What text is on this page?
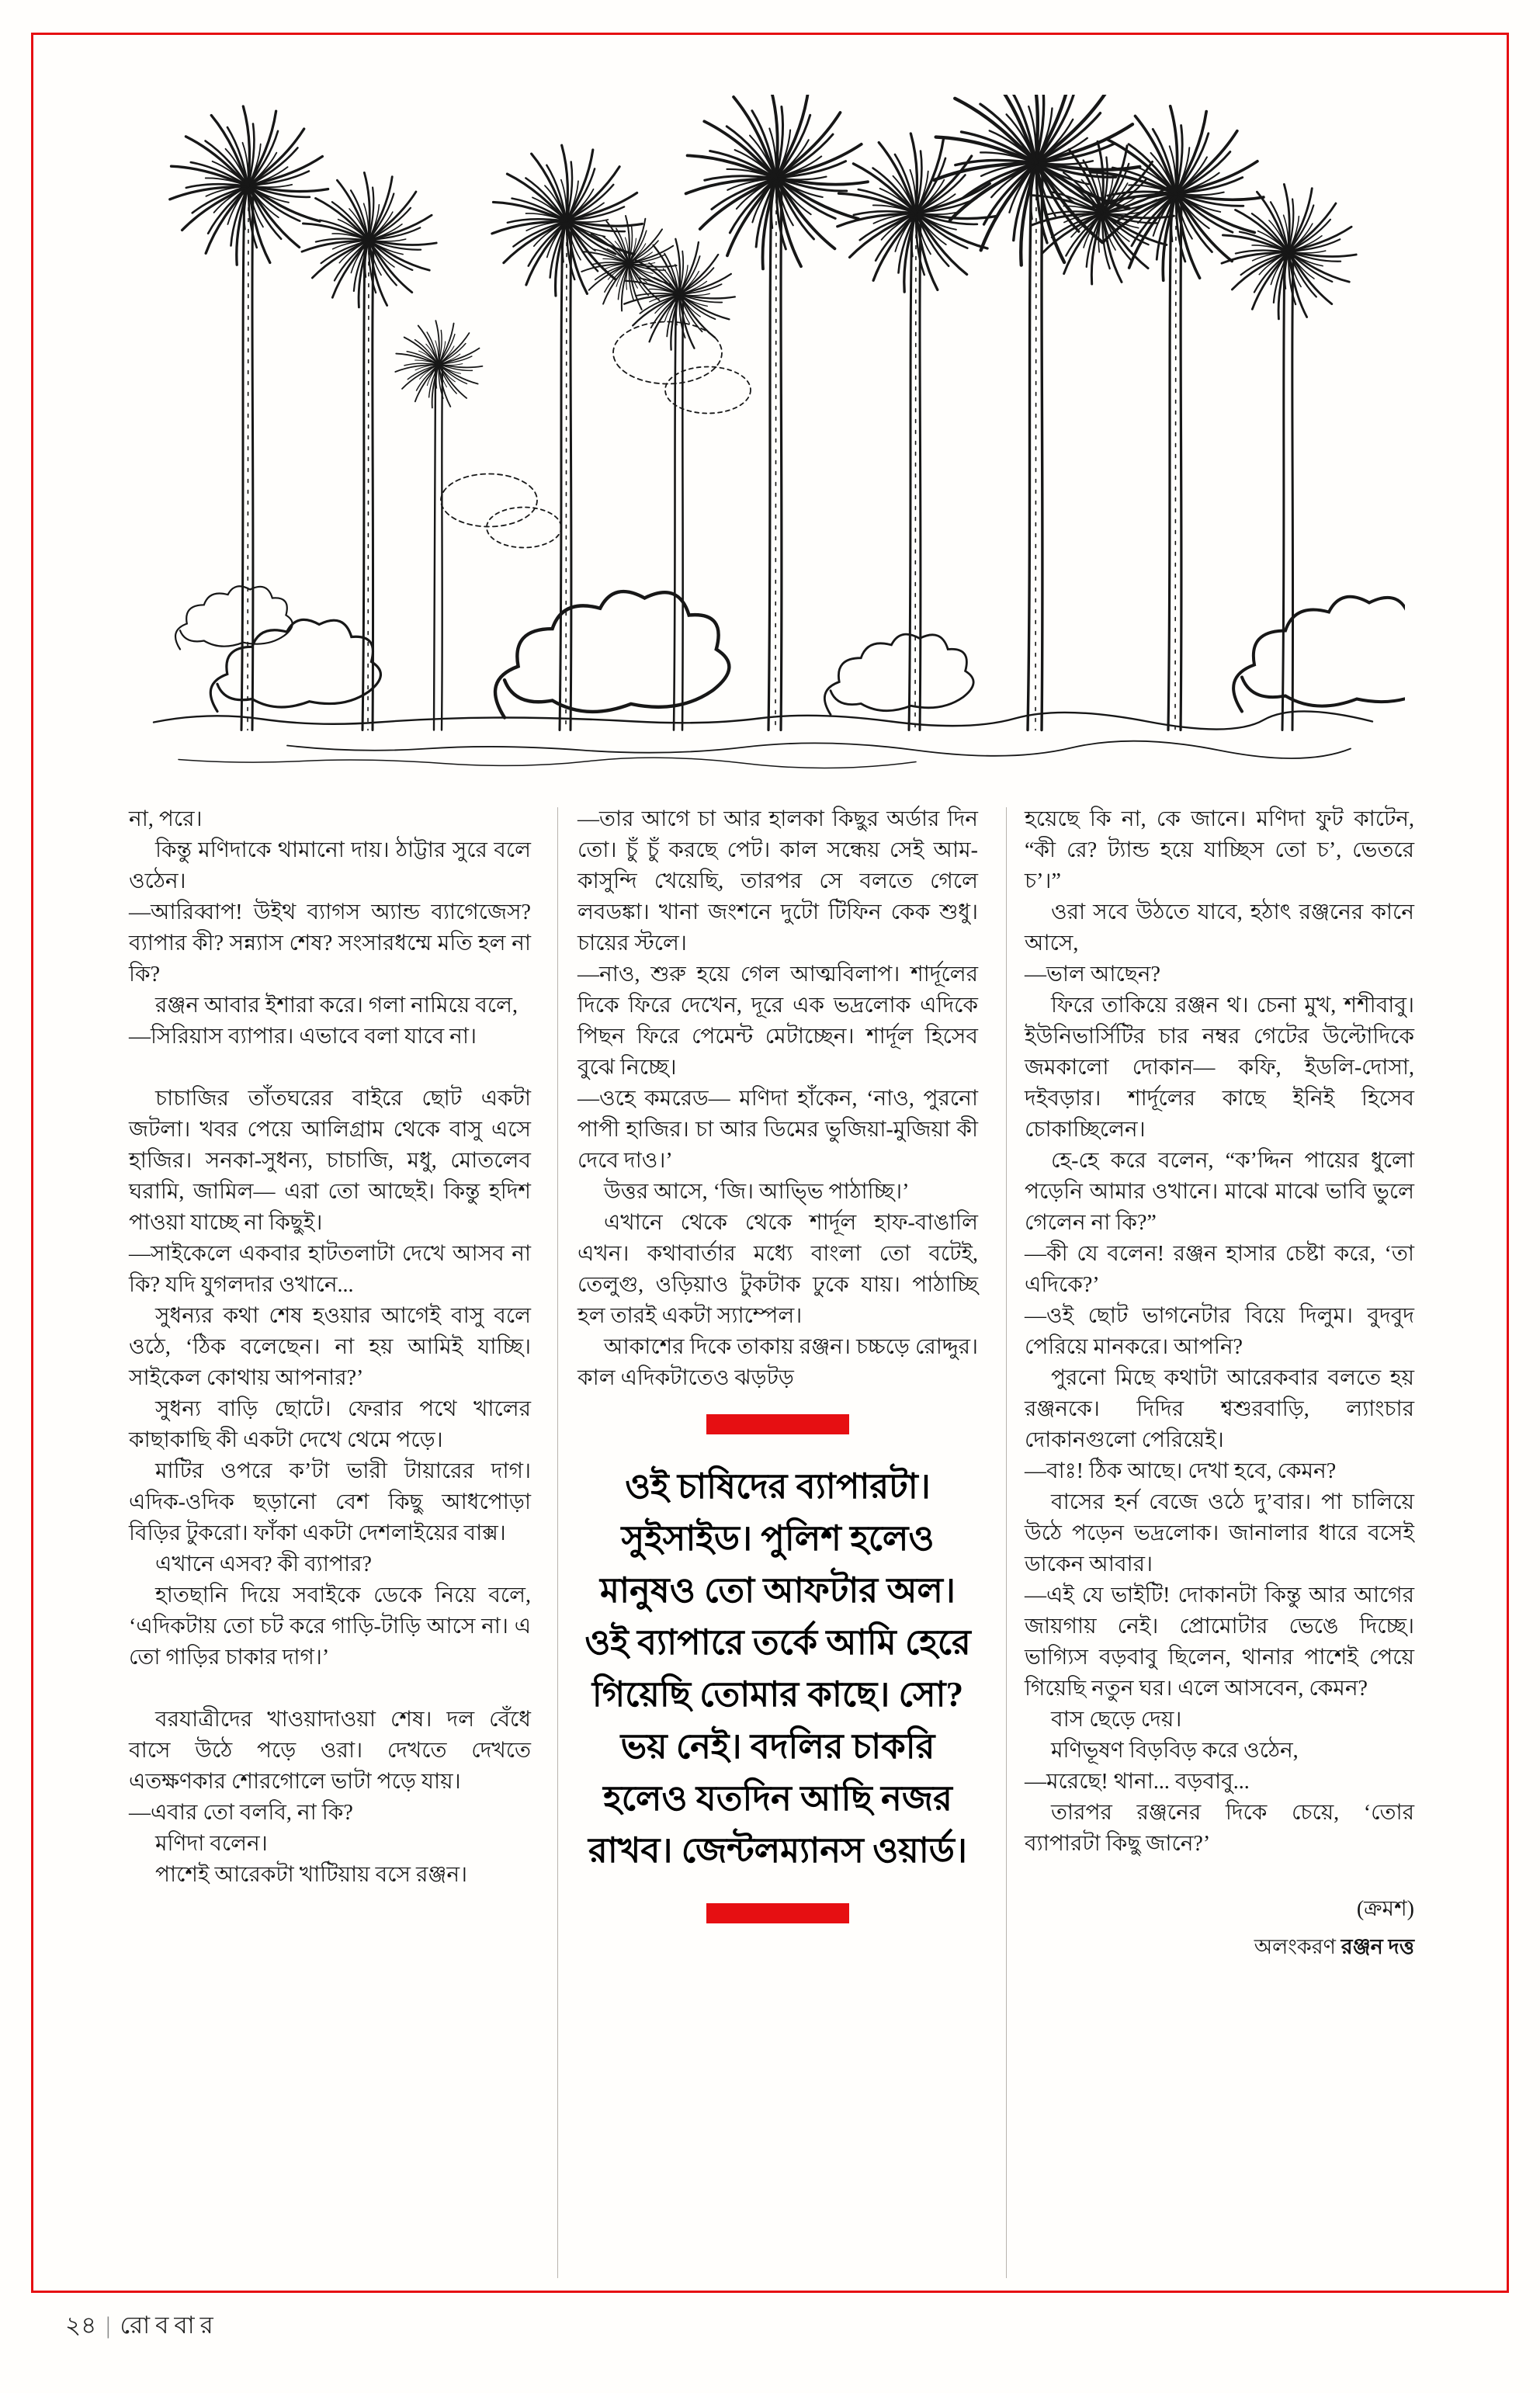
না, পরে।

কিন্তু মণিদাকে থামানো দায়। ঠাট্টার সুরে বলে ওঠেন।

—আরিব্বাপ! উইথ ব্যাগস অ্যান্ড ব্যাগেজেস? ব্যাপার কী? সন্ন্যাস শেষ? সংসারধম্মে মতি হল না কি?

রঞ্জন আবার ইশারা করে। গলা নামিয়ে বলে,

—সিরিয়াস ব্যাপার। এভাবে বলা যাবে না।

চাচাজির তাঁতঘরের বাইরে ছোট একটা জটলা। খবর পেয়ে আলিগ্রাম থেকে বাসু এসে হাজির। সনকা-সুধন্য, চাচাজি, মধু, মোতলেব ঘরামি, জামিল— এরা তো আছেই। কিন্তু হদিশ পাওয়া যাচ্ছে না কিছুই।

—সাইকেলে একবার হাটতলাটা দেখে আসব না কি? যদি যুগলদার ওখানে...

সুধন্যর কথা শেষ হওয়ার আগেই বাসু বলে ওঠে, ‘ঠিক বলেছেন। না হয় আমিই যাচ্ছি। সাইকেল কোথায় আপনার?’

সুধন্য বাড়ি ছোটে। ফেরার পথে খালের কাছাকাছি কী একটা দেখে থেমে পড়ে।

মাটির ওপরে ক’টা ভারী টায়ারের দাগ। এদিক-ওদিক ছড়ানো বেশ কিছু আধপোড়া বিড়ির টুকরো। ফাঁকা একটা দেশলাইয়ের বাক্স।

এখানে এসব? কী ব্যাপার?

হাতছানি দিয়ে সবাইকে ডেকে নিয়ে বলে, ‘এদিকটায় তো চট করে গাড়ি-টাড়ি আসে না। এ তো গাড়ির চাকার দাগ।’

বরযাত্রীদের খাওয়াদাওয়া শেষ। দল বেঁধে বাসে উঠে পড়ে ওরা। দেখতে দেখতে এতক্ষণকার শোরগোলে ভাটা পড়ে যায়।

—এবার তো বলবি, না কি?

মণিদা বলেন।

পাশেই আরেকটা খাটিয়ায় বসে রঞ্জন।

—তার আগে চা আর হালকা কিছুর অর্ডার দিন তো। চুঁ চুঁ করছে পেট। কাল সন্ধেয় সেই আম-কাসুন্দি খেয়েছি, তারপর সে বলতে গেলে লবডঙ্কা। খানা জংশনে দুটো টিফিন কেক শুধু। চায়ের স্টলে।

—নাও, শুরু হয়ে গেল আত্মবিলাপ। শার্দূলের দিকে ফিরে দেখেন, দূরে এক ভদ্রলোক এদিকে পিছন ফিরে পেমেন্ট মেটাচ্ছেন। শার্দূল হিসেব বুঝে নিচ্ছে।

—ওহে কমরেড— মণিদা হাঁকেন, ‘নাও, পুরনো পাপী হাজির। চা আর ডিমের ভুজিয়া-মুজিয়া কী দেবে দাও।’

উত্তর আসে, ‘জি। আভ্ভি পাঠাচ্ছি।’

এখানে থেকে থেকে শার্দূল হাফ-বাঙালি এখন। কথাবার্তার মধ্যে বাংলা তো বটেই, তেলুগু, ওড়িয়াও টুকটাক ঢুকে যায়। পাঠাচ্ছি হল তারই একটা স্যাম্পেল।

আকাশের দিকে তাকায় রঞ্জন। চচ্চড়ে রোদ্দুর। কাল এদিকটাতেও ঝড়টড়

ওই চাষিদের ব্যাপারটা। সুইসাইড। পুলিশ হলেও মানুষও তো আফটার অল। ওই ব্যাপারে তর্কে আমি হেরে গিয়েছি তোমার কাছে। সো? ভয় নেই। বদলির চাকরি হলেও যতদিন আছি নজর রাখব। জেন্টলম্যানস ওয়ার্ড।

হয়েছে কি না, কে জানে। মণিদা ফুট কাটেন, “কী রে? ট্যান্ড হয়ে যাচ্ছিস তো চ’, ভেতরে চ’।”

ওরা সবে উঠতে যাবে, হঠাৎ রঞ্জনের কানে আসে,

—ভাল আছেন?

ফিরে তাকিয়ে রঞ্জন থ। চেনা মুখ, শশীবাবু। ইউনিভার্সিটির চার নম্বর গেটের উল্টোদিকে জমকালো দোকান— কফি, ইডলি-দোসা, দইবড়ার। শার্দূলের কাছে ইনিই হিসেব চোকাচ্ছিলেন।

হে-হে করে বলেন, “ক’দ্দিন পায়ের ধুলো পড়েনি আমার ওখানে। মাঝে মাঝে ভাবি ভুলে গেলেন না কি?”

—কী যে বলেন! রঞ্জন হাসার চেষ্টা করে, ‘তা এদিকে?’

—ওই ছোট ভাগনেটার বিয়ে দিলুম। বুদবুদ পেরিয়ে মানকরে। আপনি?

পুরনো মিছে কথাটা আরেকবার বলতে হয় রঞ্জনকে। দিদির শ্বশুরবাড়ি, ল্যাংচার দোকানগুলো পেরিয়েই।

—বাঃ! ঠিক আছে। দেখা হবে, কেমন?

বাসের হর্ন বেজে ওঠে দু’বার। পা চালিয়ে উঠে পড়েন ভদ্রলোক। জানালার ধারে বসেই ডাকেন আবার।

—এই যে ভাইটি! দোকানটা কিন্তু আর আগের জায়গায় নেই। প্রোমোটার ভেঙে দিচ্ছে। ভাগ্যিস বড়বাবু ছিলেন, থানার পাশেই পেয়ে গিয়েছি নতুন ঘর। এলে আসবেন, কেমন?

বাস ছেড়ে দেয়।

মণিভূষণ বিড়বিড় করে ওঠেন,

—মরেছে! থানা... বড়বাবু...

তারপর রঞ্জনের দিকে চেয়ে, ‘তোর ব্যাপারটা কিছু জানে?’

(ক্রমশ)

অলংকরণ রঞ্জন দত্ত

২৪ | রোববার
